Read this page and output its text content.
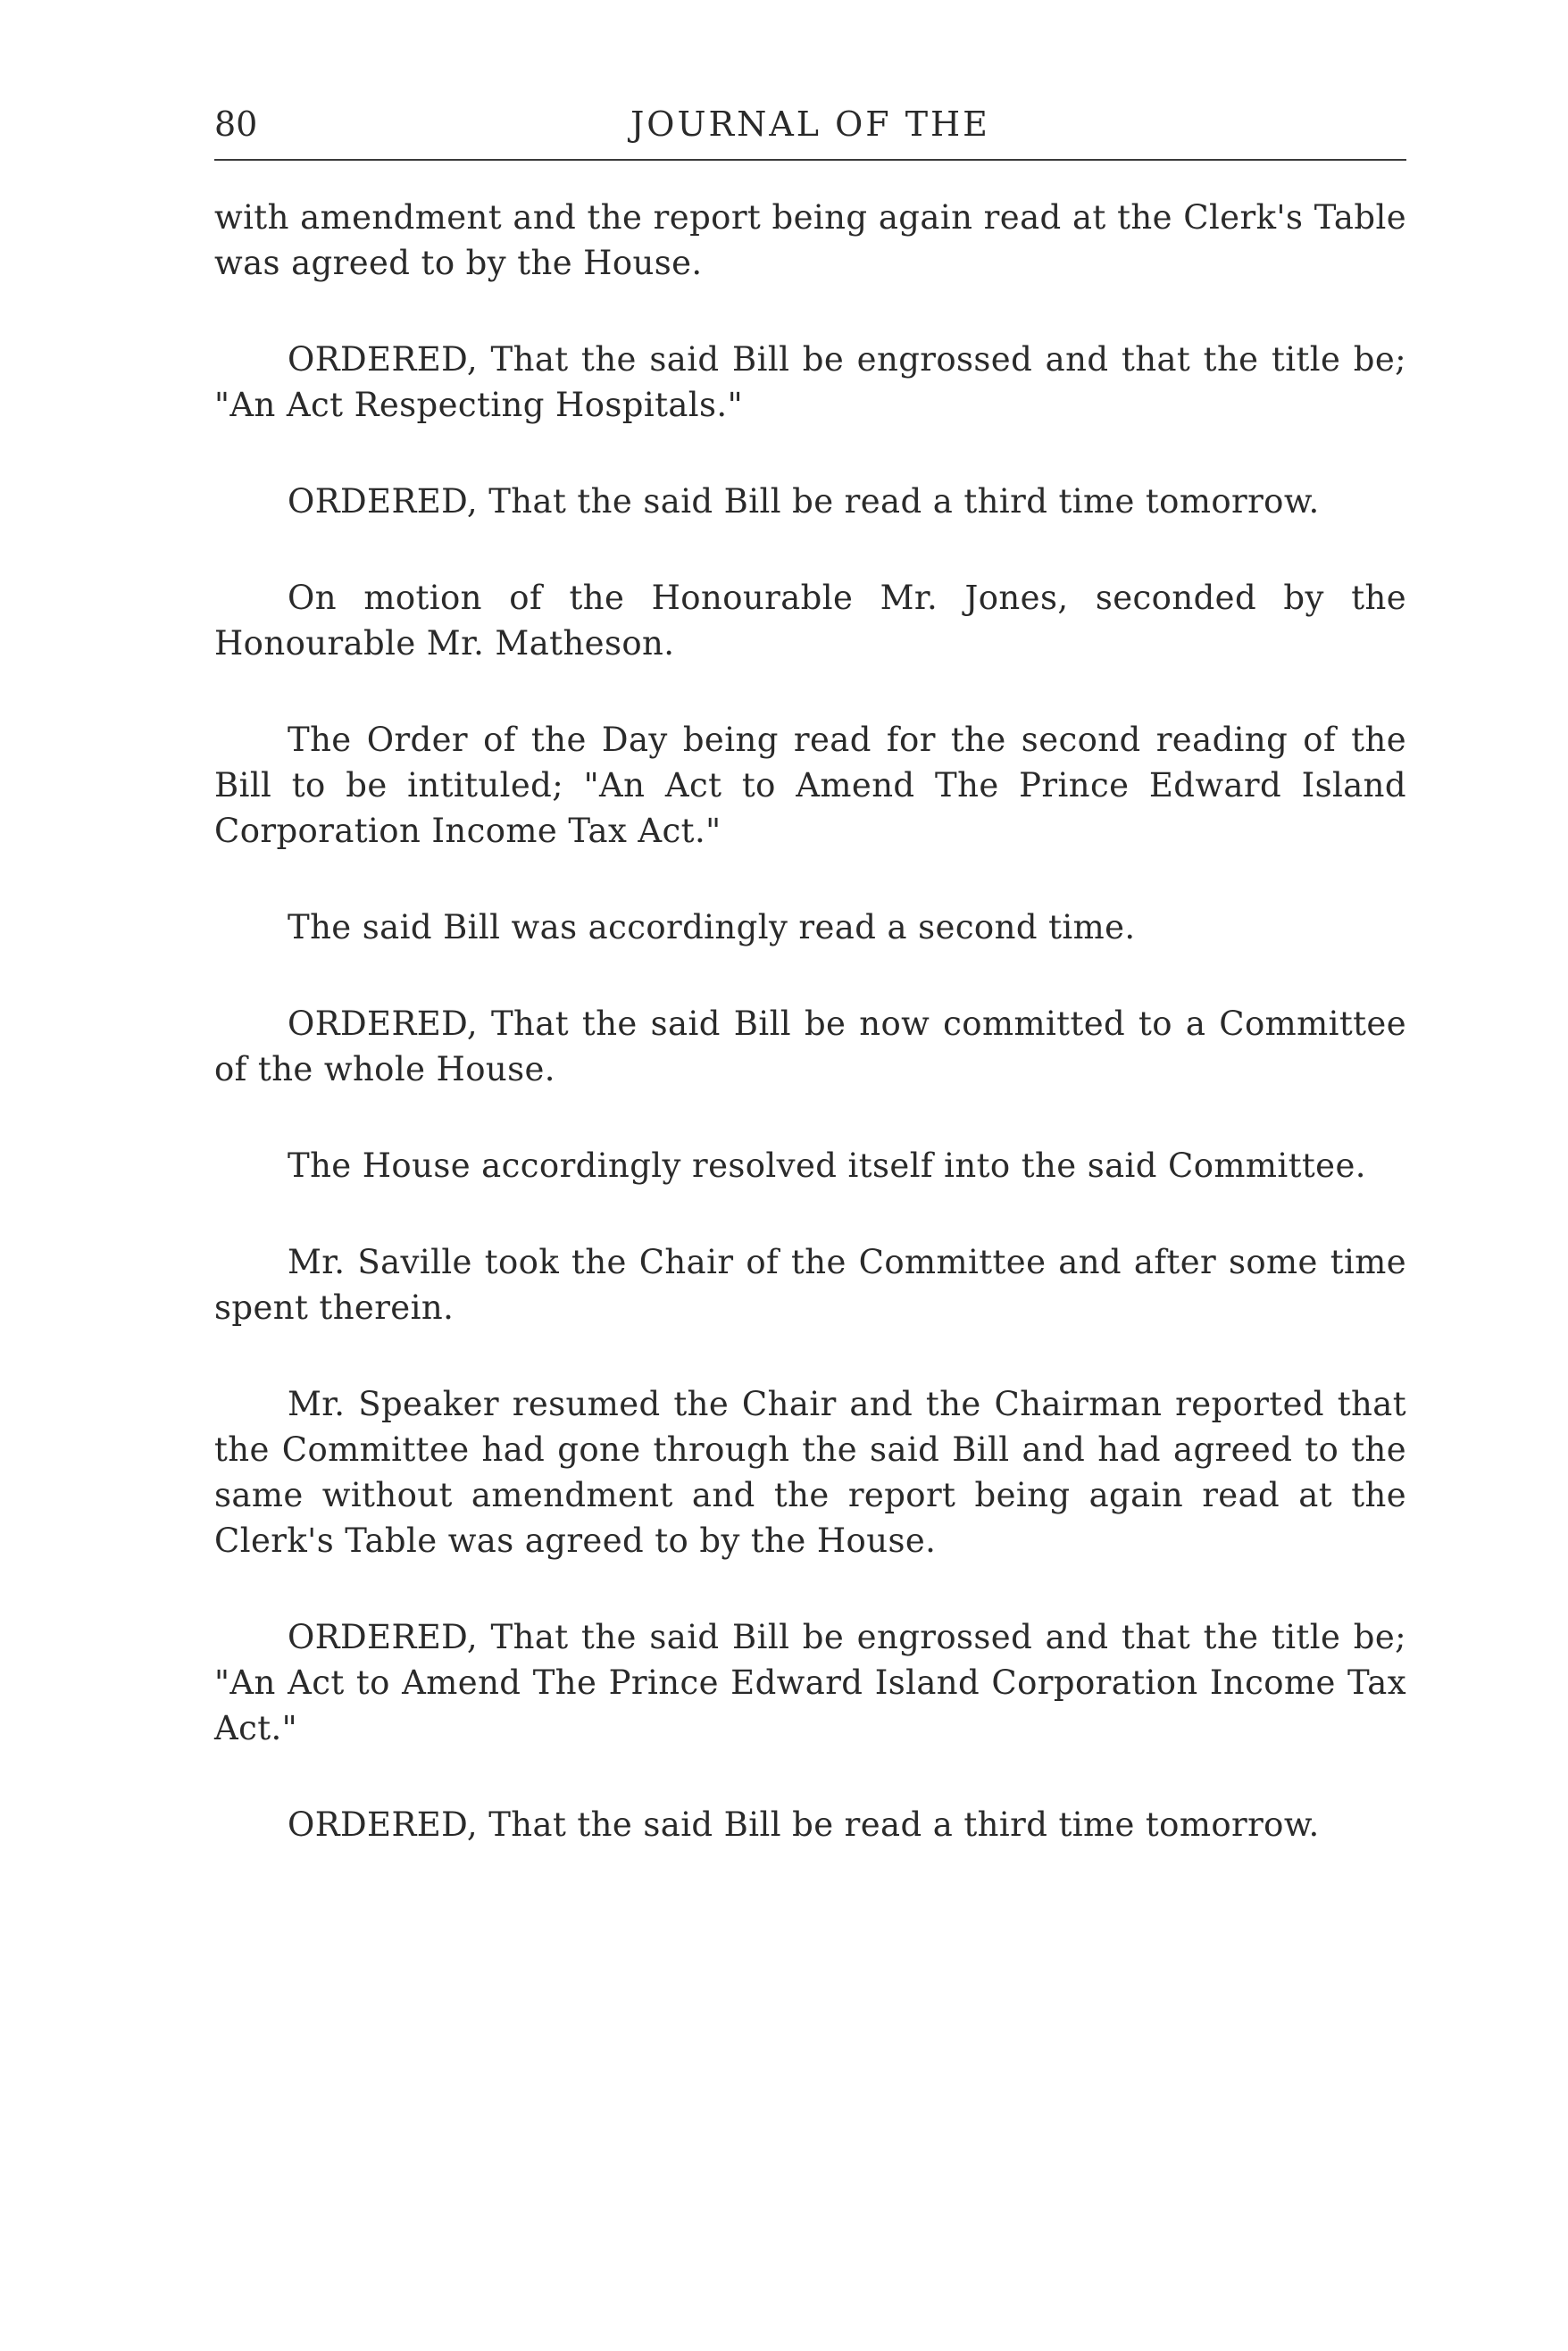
80	JOURNAL OF THE

with amendment and the report being again read at the Clerk's Table was agreed to by the House.

ORDERED, That the said Bill be engrossed and that the title be; "An Act Respecting Hospitals."

ORDERED, That the said Bill be read a third time tomorrow.

On motion of the Honourable Mr. Jones, seconded by the Honourable Mr. Matheson.

The Order of the Day being read for the second reading of the Bill to be intituled; "An Act to Amend The Prince Edward Island Corporation Income Tax Act."

The said Bill was accordingly read a second time.

ORDERED, That the said Bill be now committed to a Committee of the whole House.

The House accordingly resolved itself into the said Committee.

Mr. Saville took the Chair of the Committee and after some time spent therein.

Mr. Speaker resumed the Chair and the Chairman reported that the Committee had gone through the said Bill and had agreed to the same without amendment and the report being again read at the Clerk's Table was agreed to by the House.

ORDERED, That the said Bill be engrossed and that the title be; "An Act to Amend The Prince Edward Island Corporation Income Tax Act."

ORDERED, That the said Bill be read a third time tomorrow.
